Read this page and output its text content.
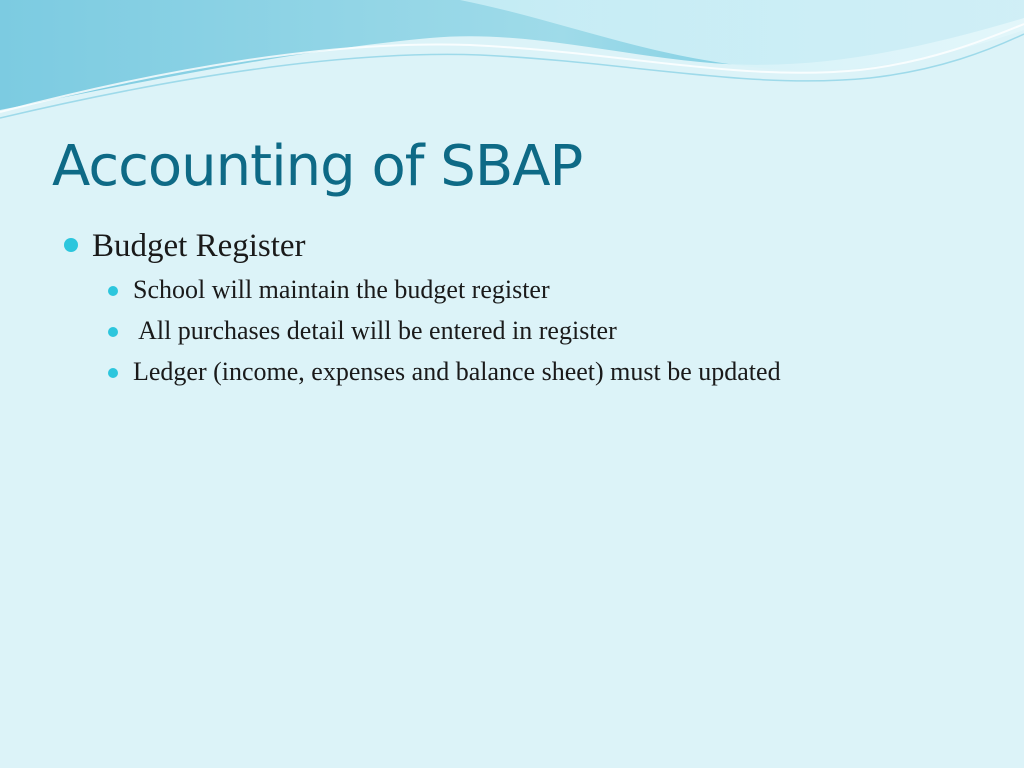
Accounting of SBAP
Budget Register
School will maintain the budget register
All purchases detail will be entered in register
Ledger (income, expenses and balance sheet) must be updated
